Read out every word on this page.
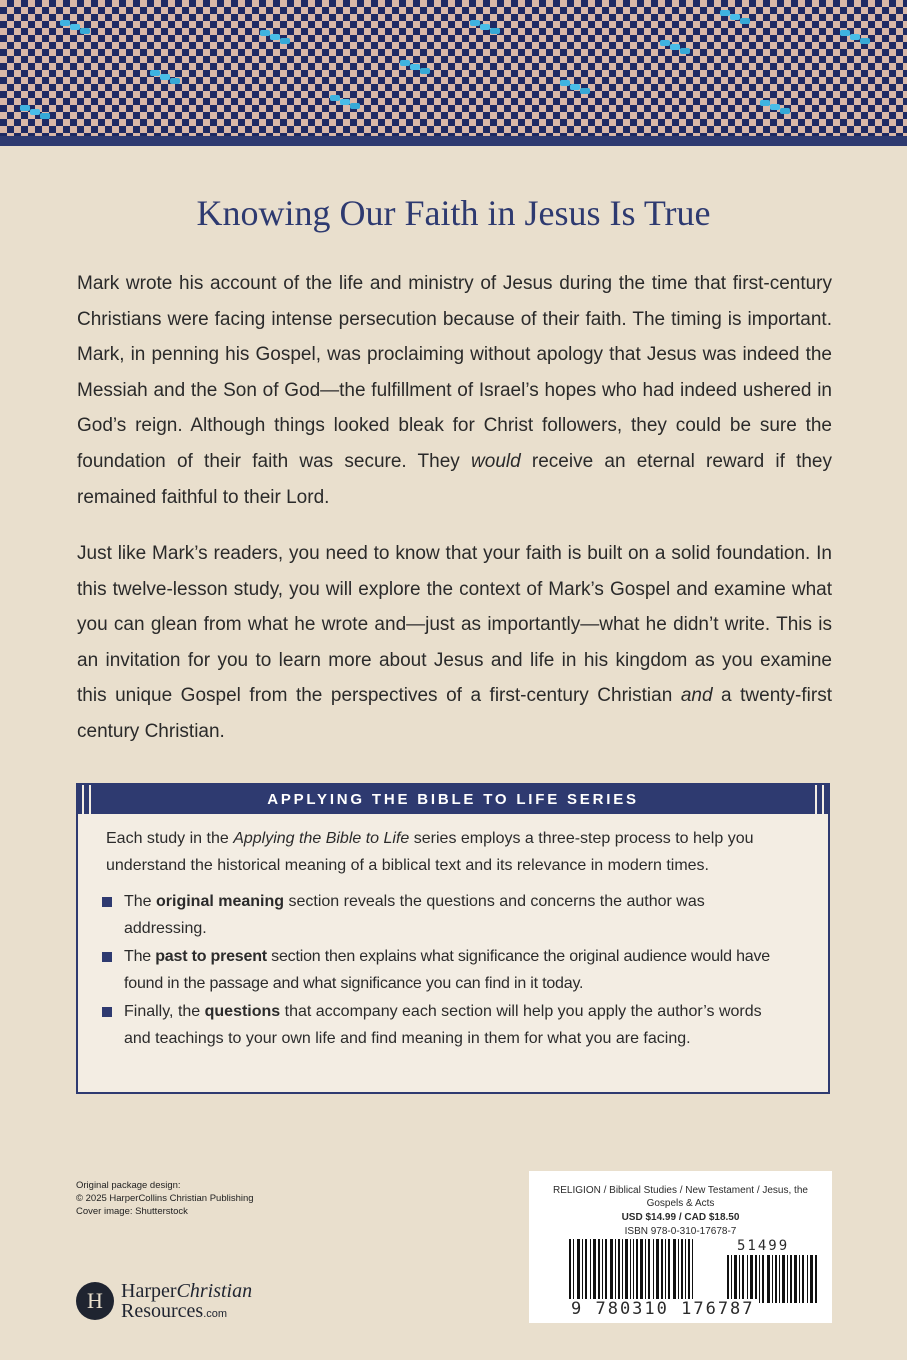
Knowing Our Faith in Jesus Is True
Mark wrote his account of the life and ministry of Jesus during the time that first-century Christians were facing intense persecution because of their faith. The timing is important. Mark, in penning his Gospel, was proclaiming without apology that Jesus was indeed the Messiah and the Son of God—the fulfillment of Israel’s hopes who had indeed ushered in God’s reign. Although things looked bleak for Christ followers, they could be sure the foundation of their faith was secure. They would receive an eternal reward if they remained faithful to their Lord.
Just like Mark’s readers, you need to know that your faith is built on a solid foundation. In this twelve-lesson study, you will explore the context of Mark’s Gospel and examine what you can glean from what he wrote and—just as importantly—what he didn’t write. This is an invitation for you to learn more about Jesus and life in his kingdom as you examine this unique Gospel from the perspectives of a first-century Christian and a twenty-first century Christian.
APPLYING THE BIBLE TO LIFE SERIES
Each study in the Applying the Bible to Life series employs a three-step process to help you understand the historical meaning of a biblical text and its relevance in modern times.
The original meaning section reveals the questions and concerns the author was addressing.
The past to present section then explains what significance the original audience would have found in the passage and what significance you can find in it today.
Finally, the questions that accompany each section will help you apply the author’s words and teachings to your own life and find meaning in them for what you are facing.
Original package design:
© 2025 HarperCollins Christian Publishing
Cover image: Shutterstock
H HarperChristian
Resources.com
RELIGION / Biblical Studies / New Testament / Jesus, the Gospels & Acts
USD $14.99 / CAD $18.50
ISBN 978-0-310-17678-7
51499
9 780310 176787
